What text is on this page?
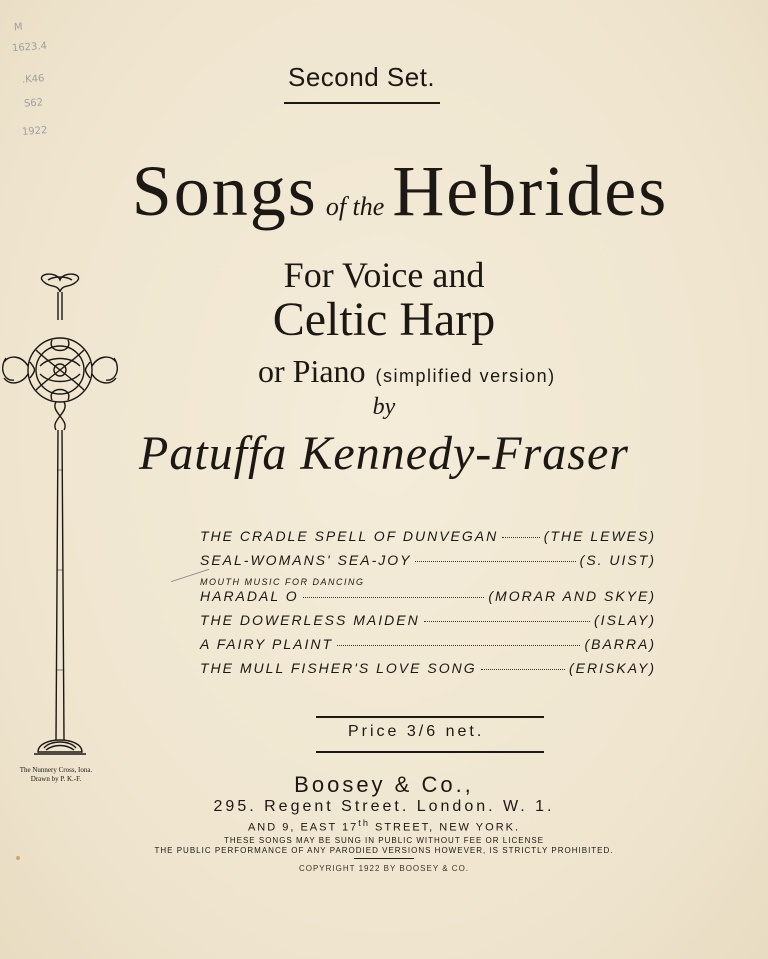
M
1623.4
.K46
S62
1922
Second Set.
Songs of the Hebrides
For Voice and
Celtic Harp
or Piano (simplified version)
by
Patuffa Kennedy-Fraser
The Nunnery Cross, Iona.
Drawn by P. K.-F.
THE CRADLE SPELL OF DUNVEGAN	(THE LEWES)
SEAL-WOMANS' SEA-JOY	(S. UIST)
MOUTH MUSIC FOR DANCING
HARADAL O	(MORAR AND SKYE)
THE DOWERLESS MAIDEN	(ISLAY)
A FAIRY PLAINT	(BARRA)
THE MULL FISHER'S LOVE SONG	(ERISKAY)
Price 3/6 net.
Boosey & Co.,
295. Regent Street. London. W. 1.
AND 9, EAST 17th STREET, NEW YORK.
THESE SONGS MAY BE SUNG IN PUBLIC WITHOUT FEE OR LICENSE
THE PUBLIC PERFORMANCE OF ANY PARODIED VERSIONS HOWEVER, IS STRICTLY PROHIBITED.
COPYRIGHT 1922 BY BOOSEY & CO.
